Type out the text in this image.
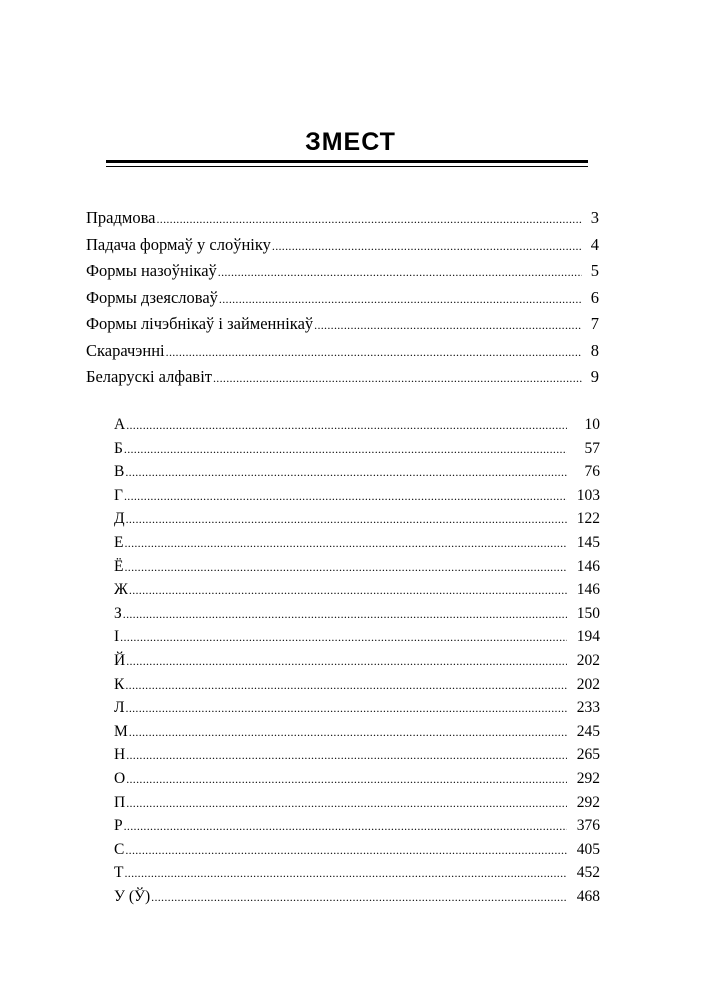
ЗМЕСТ
Прадмова .....	3
Падача формаў у слоўніку .....	4
Формы назоўнікаў .....	5
Формы дзеясловаў .....	6
Формы лічэбнікаў і займеннікаў .....	7
Скарачэнні .....	8
Беларускі алфавіт .....	9
А .....	10
Б .....	57
В .....	76
Г .....	103
Д .....	122
Е .....	145
Ё .....	146
Ж .....	146
З .....	150
І .....	194
Й .....	202
К .....	202
Л .....	233
М .....	245
Н .....	265
О .....	292
П .....	292
Р .....	376
С .....	405
Т .....	452
У (Ў) .....	468
